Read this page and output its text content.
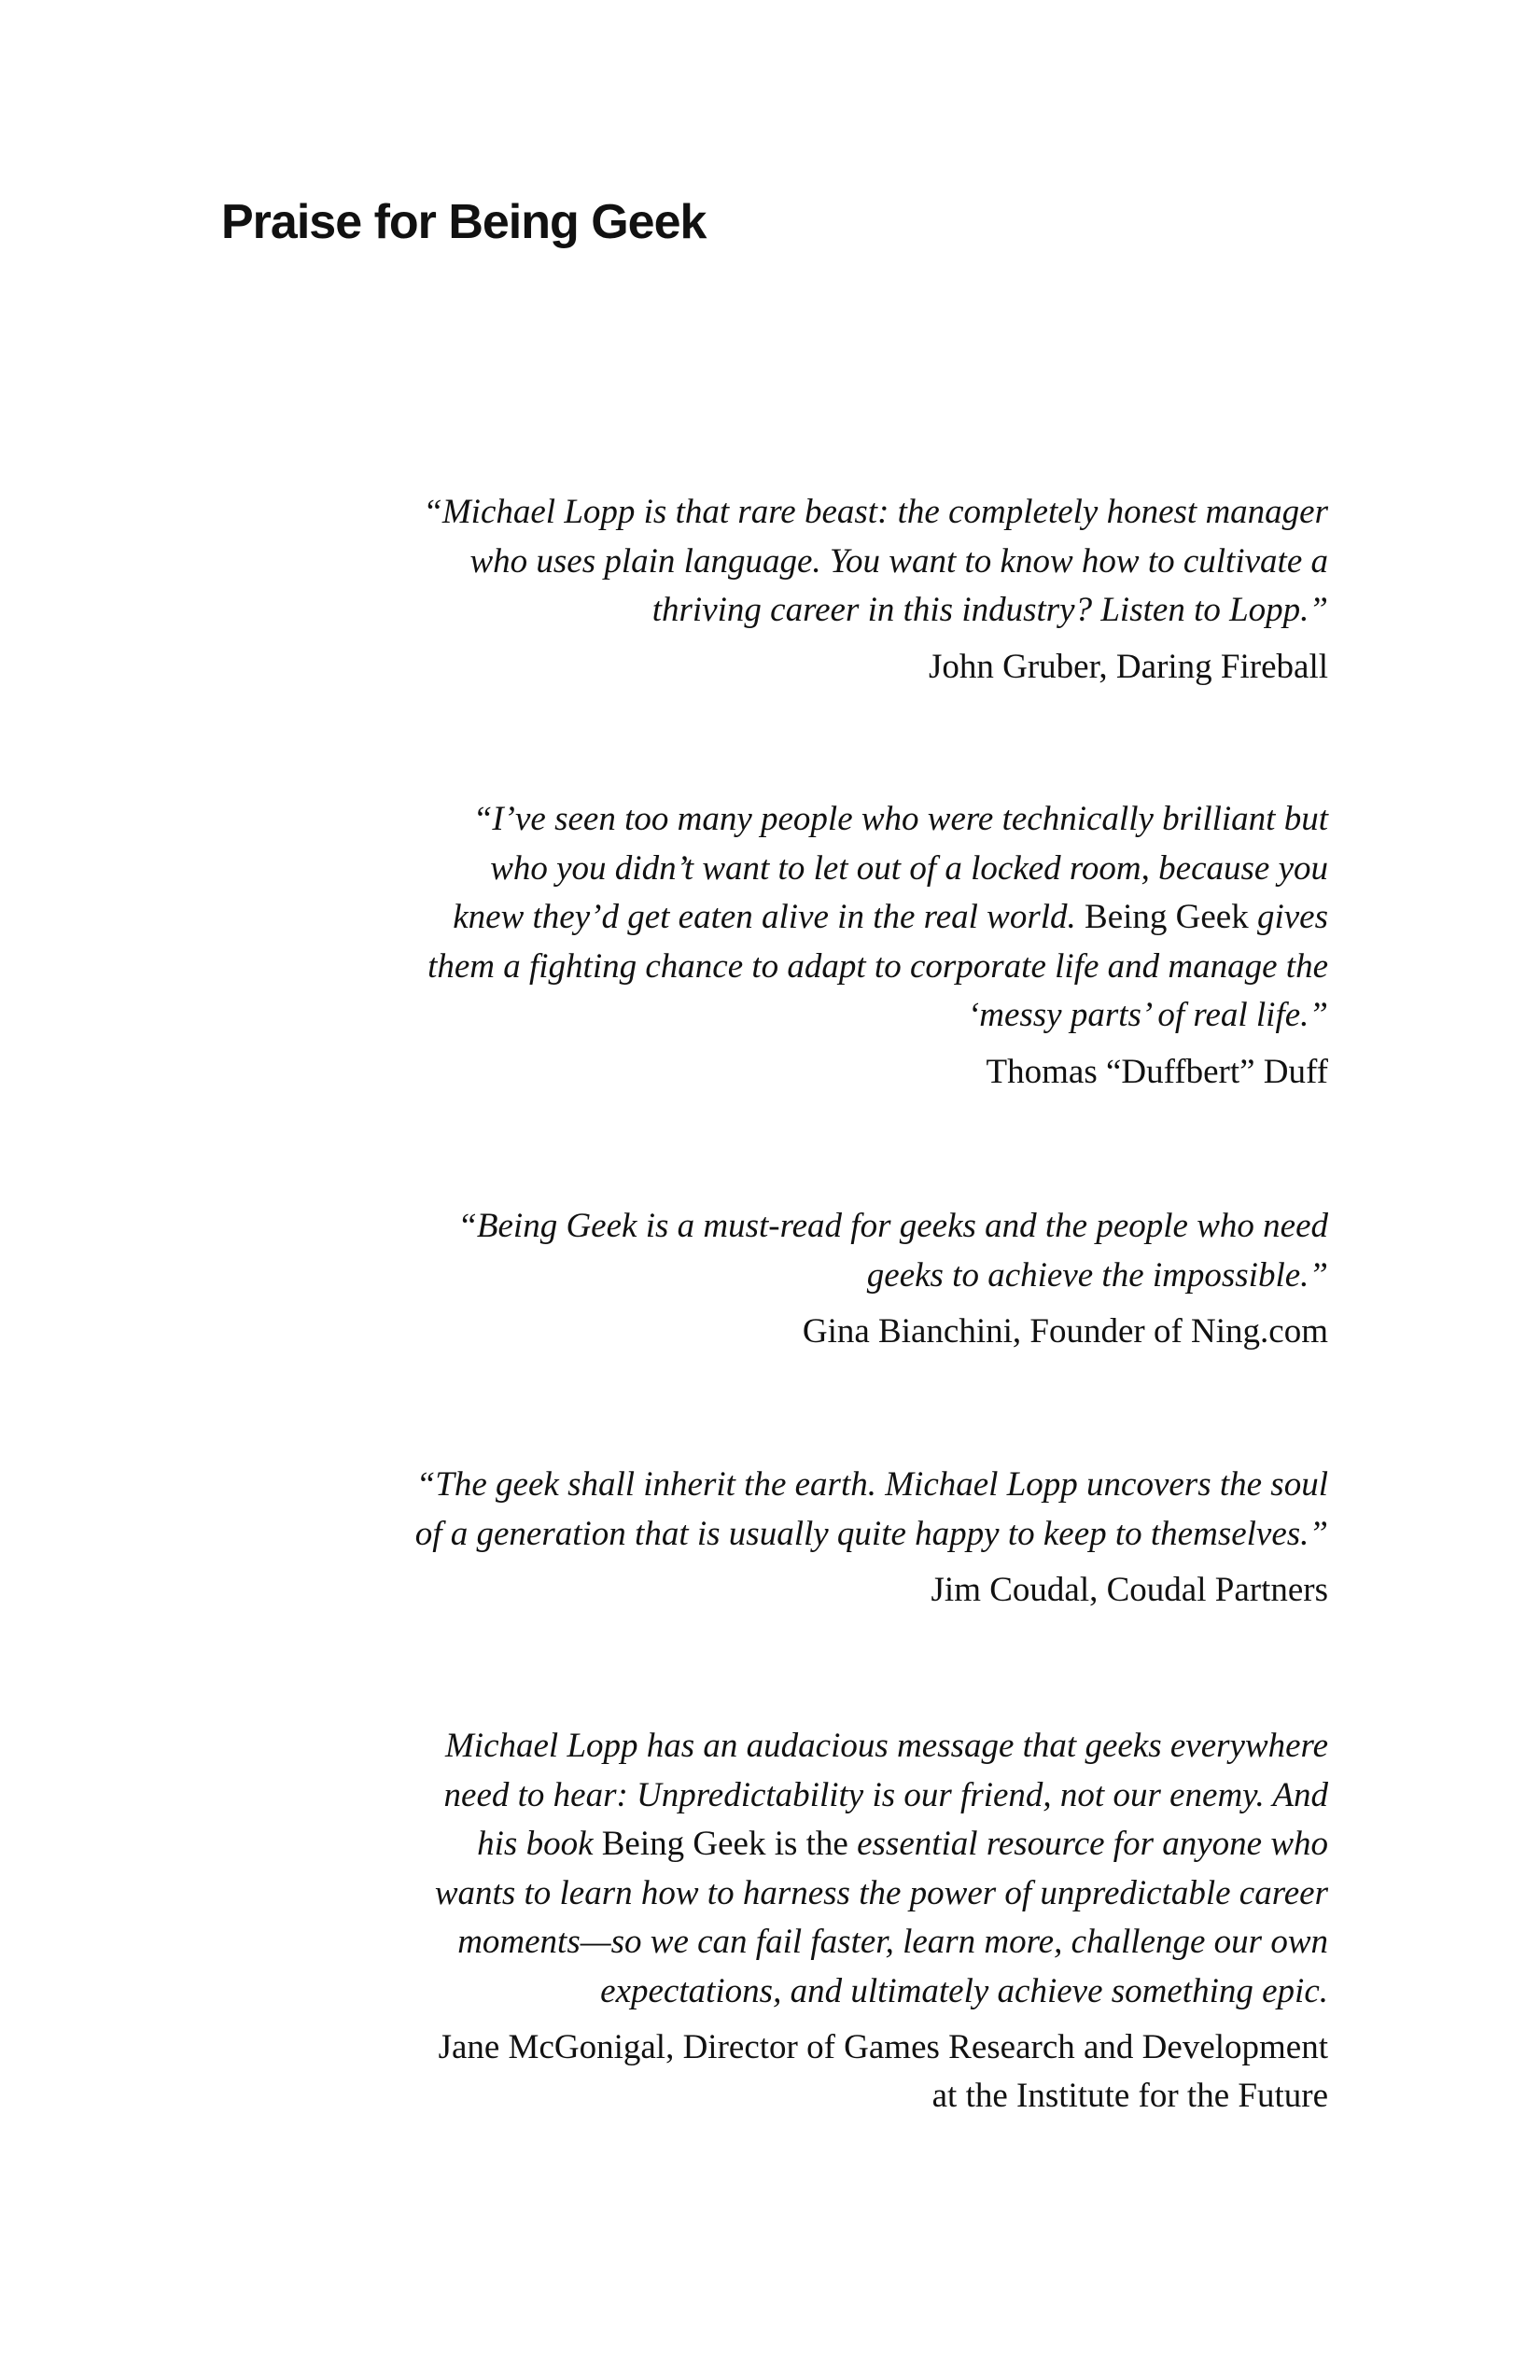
Praise for Being Geek

“Michael Lopp is that rare beast: the completely honest manager
who uses plain language. You want to know how to cultivate a
thriving career in this industry? Listen to Lopp.”

John Gruber, Daring Fireball

“I’ve seen too many people who were technically brilliant but
who you didn’t want to let out of a locked room, because you
knew they’d get eaten alive in the real world. Being Geek gives
them a fighting chance to adapt to corporate life and manage the
‘messy parts’ of real life.”

Thomas “Duffbert” Duff

“Being Geek is a must-read for geeks and the people who need
geeks to achieve the impossible.”

Gina Bianchini, Founder of Ning.com

“The geek shall inherit the earth. Michael Lopp uncovers the soul
of a generation that is usually quite happy to keep to themselves.”

Jim Coudal, Coudal Partners

Michael Lopp has an audacious message that geeks everywhere
need to hear: Unpredictability is our friend, not our enemy. And
his book Being Geek is the essential resource for anyone who
wants to learn how to harness the power of unpredictable career
moments—so we can fail faster, learn more, challenge our own
expectations, and ultimately achieve something epic.

Jane McGonigal, Director of Games Research and Development
at the Institute for the Future
